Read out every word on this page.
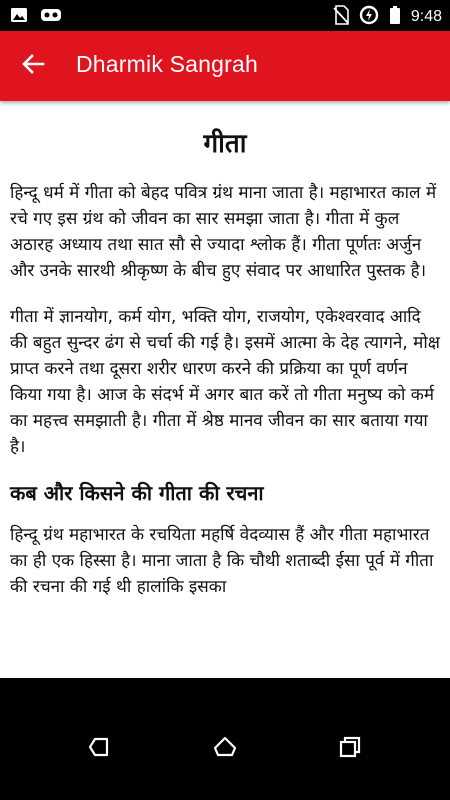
9:48
Dharmik Sangrah
गीता

हिन्दू धर्म में गीता को बेहद पवित्र ग्रंथ माना जाता है। महाभारत काल में रचे गए इस ग्रंथ को जीवन का सार समझा जाता है। गीता में कुल अठारह अध्याय तथा सात सौ से ज्यादा श्लोक हैं। गीता पूर्णतः अर्जुन और उनके सारथी श्रीकृष्ण के बीच हुए संवाद पर आधारित पुस्तक है।

गीता में ज्ञानयोग, कर्म योग, भक्ति योग, राजयोग, एकेश्वरवाद आदि की बहुत सुन्दर ढंग से चर्चा की गई है। इसमें आत्मा के देह त्यागने, मोक्ष प्राप्त करने तथा दूसरा शरीर धारण करने की प्रक्रिया का पूर्ण वर्णन किया गया है। आज के संदर्भ में अगर बात करें तो गीता मनुष्य को कर्म का महत्त्व समझाती है। गीता में श्रेष्ठ मानव जीवन का सार बताया गया है।

कब और किसने की गीता की रचना

हिन्दू ग्रंथ महाभारत के रचयिता महर्षि वेदव्यास हैं और गीता महाभारत का ही एक हिस्सा है। माना जाता है कि चौथी शताब्दी ईसा पूर्व में गीता की रचना की गई थी हालांकि इसका
